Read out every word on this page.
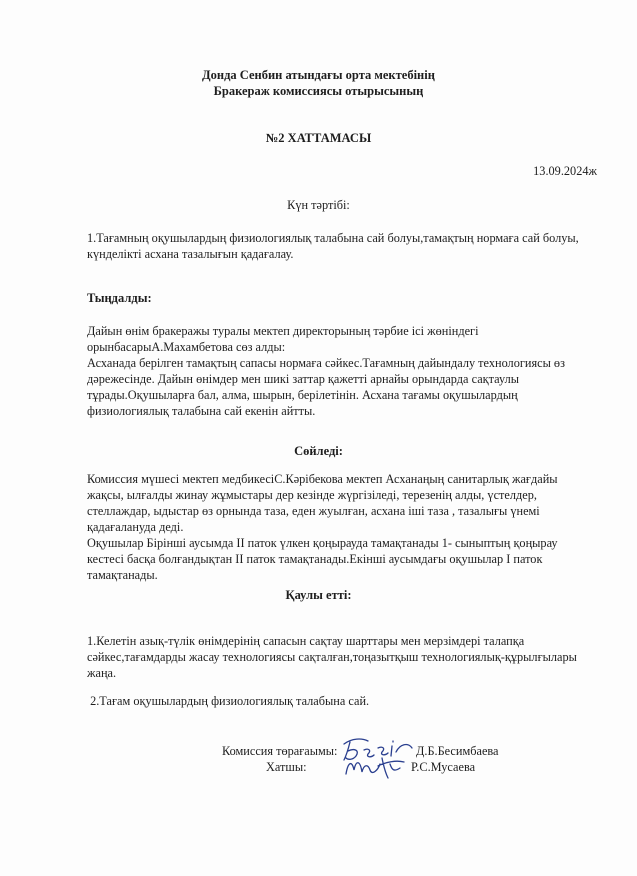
Донда Сенбин атындағы орта мектебінің

Бракераж комиссиясы отырысының

№2 ХАТТАМАСЫ

13.09.2024ж

Күн тәртібі:

1.Тағамның оқушылардың физиологиялық талабына сай болуы,тамақтың нормаға сай болуы,

күнделікті асхана тазалығын қадағалау.

Тыңдалды:

Дайын өнім бракеражы туралы мектеп директорының тәрбие ісі жөніндегі
орынбасарыА.Махамбетова сөз алды:
Асханада берілген тамақтың сапасы нормаға сәйкес.Тағамның дайындалу технологиясы өз
дәрежесінде. Дайын өнімдер мен шикі заттар қажетті арнайы орындарда сақтаулы
тұрады.Оқушыларға бал, алма, шырын, берілетінін. Асхана тағамы оқушылардың
физиологиялық талабына сай екенін айтты.

Сөйледі:

Комиссия мүшесі мектеп медбикесіС.Кәрібекова мектеп Асханаңың санитарлық жағдайы
жақсы, ылғалды жинау жұмыстары дер кезінде жүргізіледі, терезенің алды, үстелдер,
стеллаждар, ыдыстар өз орнында таза, еден жуылған, асхана іші таза , тазалығы үнемі
қадағалануда деді.
Оқушылар Бірінші аусымда ІІ паток үлкен қоңырауда тамақтанады 1- сыныптың қоңырау
кестесі басқа болғандықтан ІІ паток тамақтанады.Екінші аусымдағы оқушылар І паток
тамақтанады.

Қаулы етті:

1.Келетін азық-түлік өнімдерінің сапасын сақтау шарттары мен мерзімдері талапқа
сәйкес,тағамдарды жасау технологиясы сақталған,тоңазытқыш технологиялық-құрылғылары
жаңа.
2.Тағам оқушылардың физиологиялық талабына сай.
Комиссия төрағаымы:	Д.Б.Бесимбаева
Хатшы:	Р.С.Мусаева
